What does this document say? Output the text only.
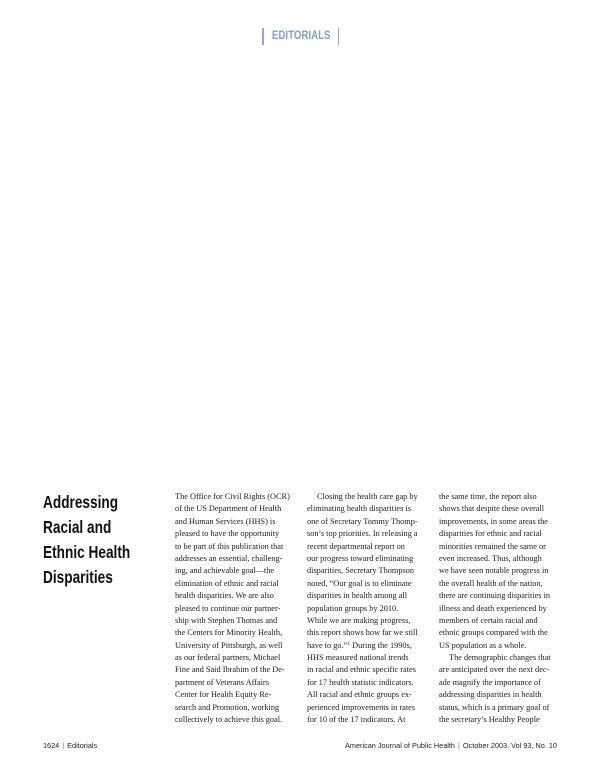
EDITORIALS
Addressing
Racial and
Ethnic Health
Disparities
The Office for Civil Rights (OCR)
of the US Department of Health
and Human Services (HHS) is
pleased to have the opportunity
to be part of this publication that
addresses an essential, challeng-
ing, and achievable goal—the
elimination of ethnic and racial
health disparities. We are also
pleased to continue our partner-
ship with Stephen Thomas and
the Centers for Minority Health,
University of Pittsburgh, as well
as our federal partners, Michael
Fine and Said Ibrahim of the De-
partment of Veterans Affairs
Center for Health Equity Re-
search and Promotion, working
collectively to achieve this goal.
Closing the health care gap by
eliminating health disparities is
one of Secretary Tommy Thomp-
son’s top priorities. In releasing a
recent departmental report on
our progress toward eliminating
disparities, Secretary Thompson
noted, “Our goal is to eliminate
disparities in health among all
population groups by 2010.
While we are making progress,
this report shows how far we still
have to go.”$^1$ During the 1990s,
HHS measured national trends
in racial and ethnic specific rates
for 17 health statistic indicators.
All racial and ethnic groups ex-
perienced improvements in rates
for 10 of the 17 indicators. At
the same time, the report also
shows that despite these overall
improvements, in some areas the
disparities for ethnic and racial
minorities remained the same or
even increased. Thus, although
we have seen notable progress in
the overall health of the nation,
there are continuing disparities in
illness and death experienced by
members of certain racial and
ethnic groups compared with the
US population as a whole.
The demographic changes that
are anticipated over the next dec-
ade magnify the importance of
addressing disparities in health
status, which is a primary goal of
the secretary’s Healthy People
1624 | Editorials	American Journal of Public Health | October 2003, Vol 93, No. 10
